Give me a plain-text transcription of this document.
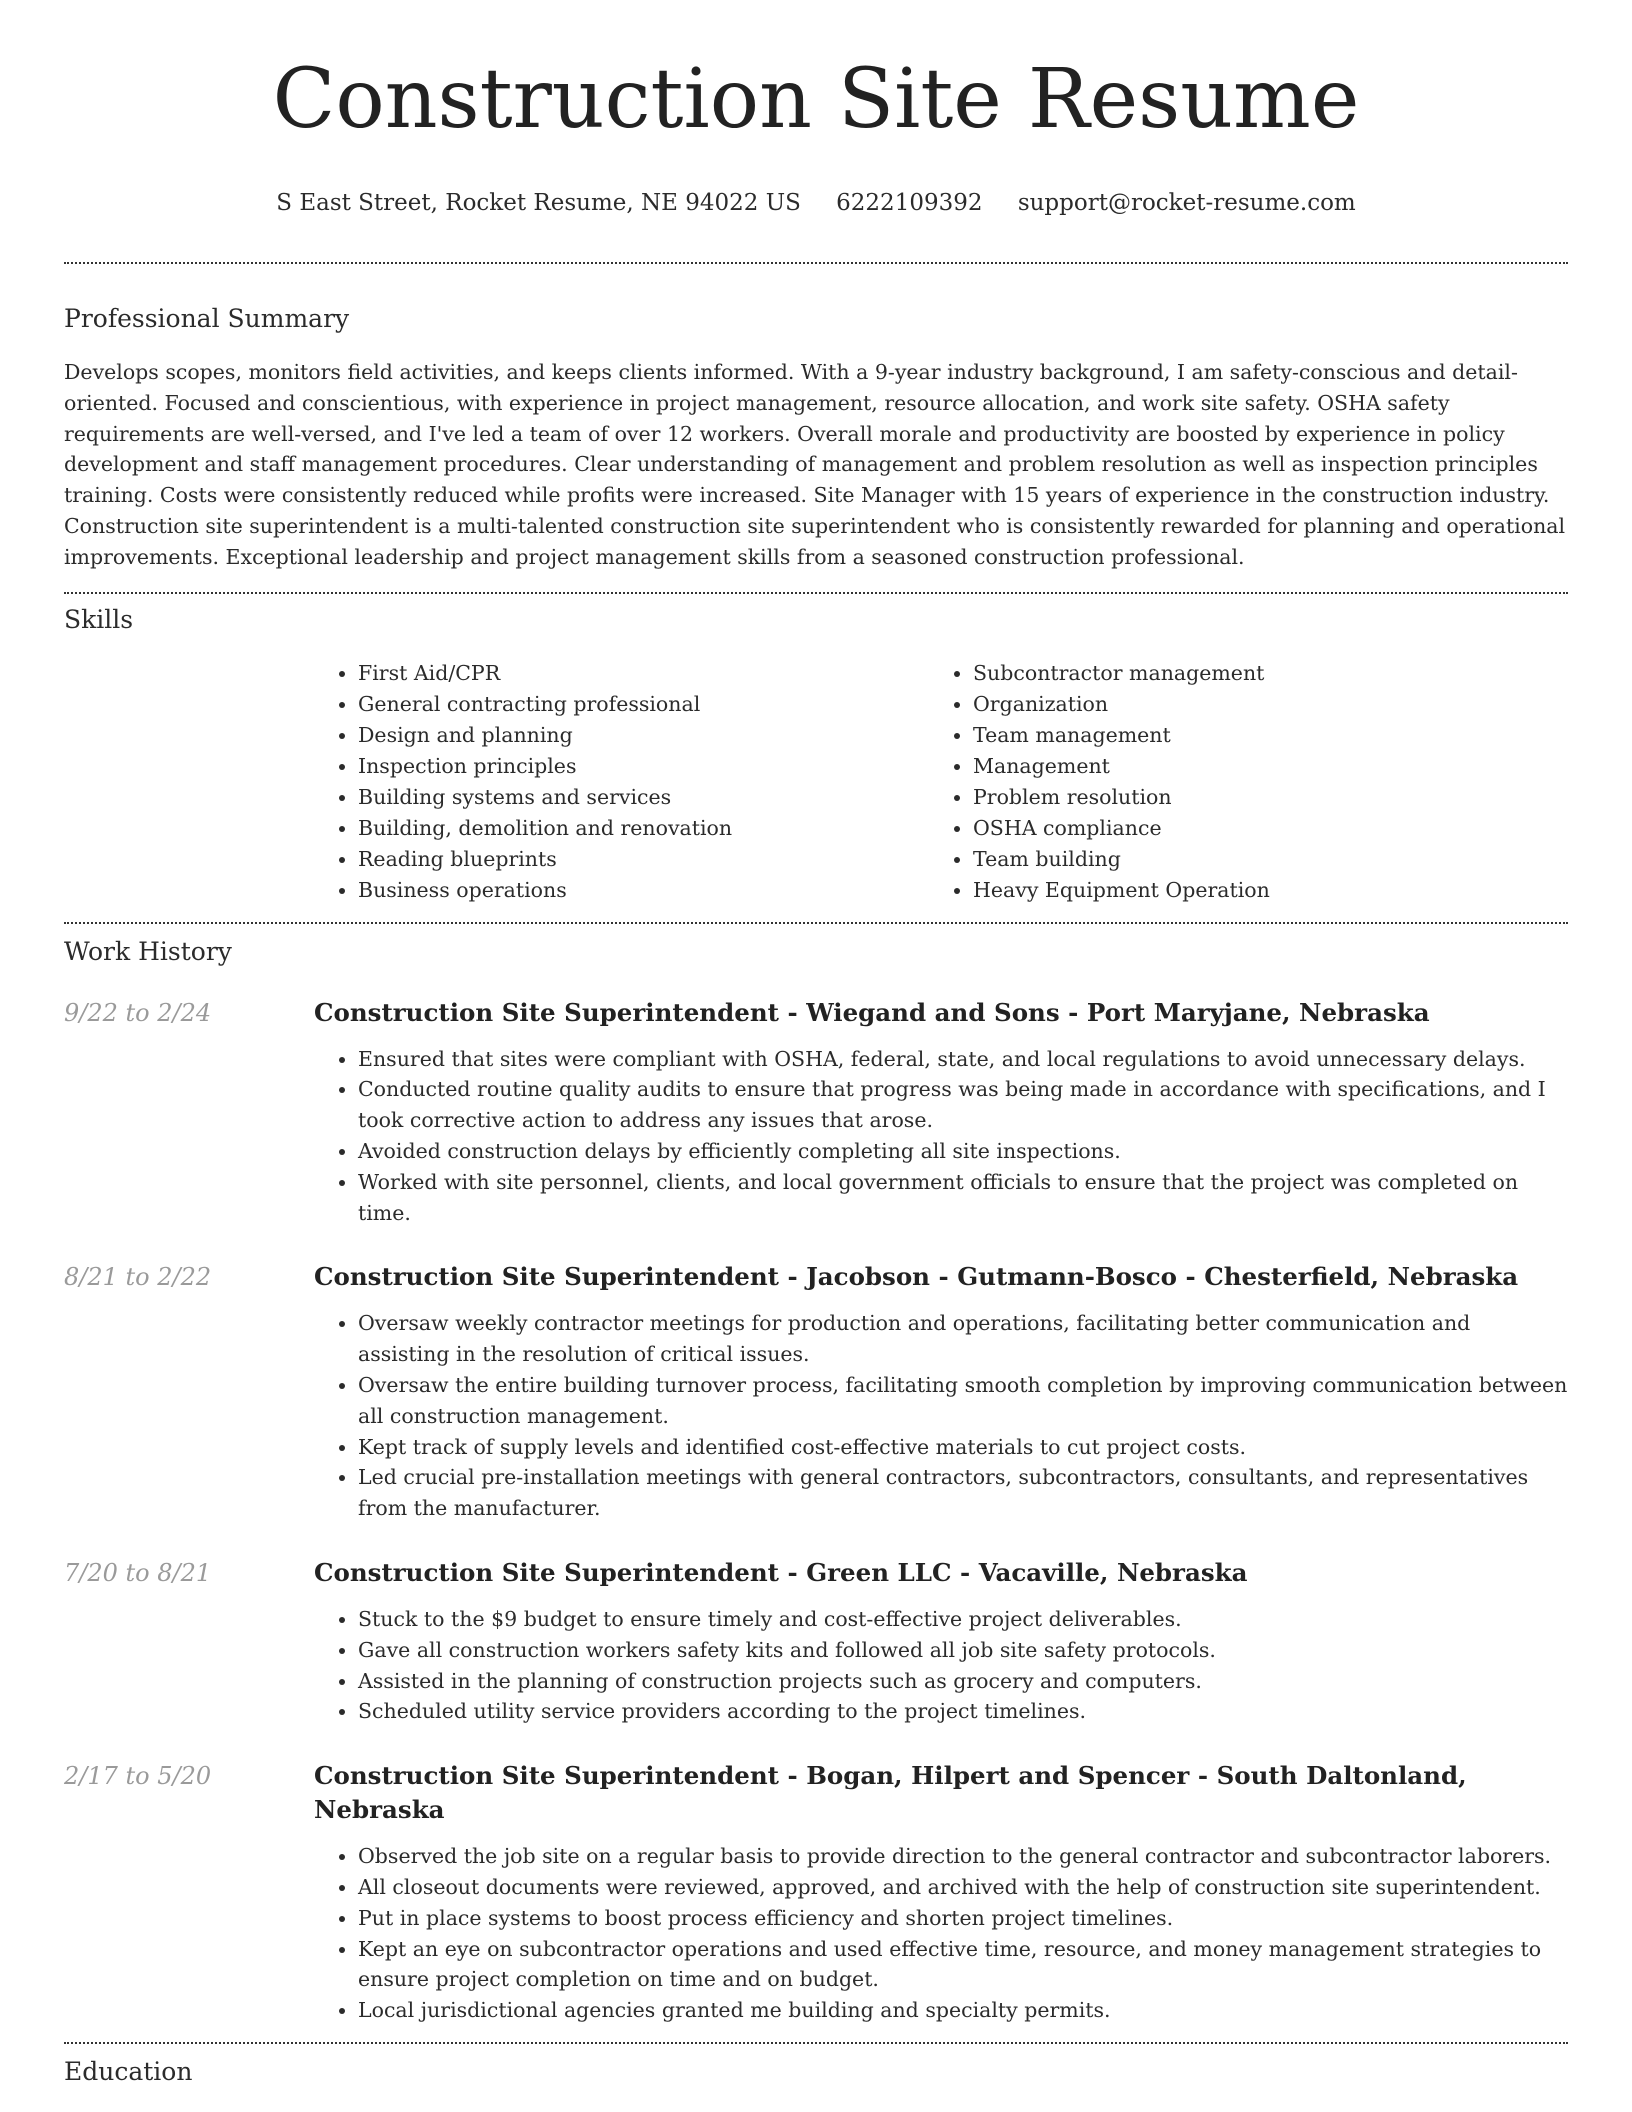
Construction Site Resume
S East Street, Rocket Resume, NE 94022 US 6222109392 support@rocket-resume.com
Professional Summary

Develops scopes, monitors field activities, and keeps clients informed. With a 9-year industry background, I am safety-conscious and detail-oriented. Focused and conscientious, with experience in project management, resource allocation, and work site safety. OSHA safety requirements are well-versed, and I've led a team of over 12 workers. Overall morale and productivity are boosted by experience in policy development and staff management procedures. Clear understanding of management and problem resolution as well as inspection principles training. Costs were consistently reduced while profits were increased. Site Manager with 15 years of experience in the construction industry. Construction site superintendent is a multi-talented construction site superintendent who is consistently rewarded for planning and operational improvements. Exceptional leadership and project management skills from a seasoned construction professional.

Skills
• First Aid/CPR
• General contracting professional
• Design and planning
• Inspection principles
• Building systems and services
• Building, demolition and renovation
• Reading blueprints
• Business operations
• Subcontractor management
• Organization
• Team management
• Management
• Problem resolution
• OSHA compliance
• Team building
• Heavy Equipment Operation
Work History
9/22 to 2/24	Construction Site Superintendent - Wiegand and Sons - Port Maryjane, Nebraska
• Ensured that sites were compliant with OSHA, federal, state, and local regulations to avoid unnecessary delays.
• Conducted routine quality audits to ensure that progress was being made in accordance with specifications, and I took corrective action to address any issues that arose.
• Avoided construction delays by efficiently completing all site inspections.
• Worked with site personnel, clients, and local government officials to ensure that the project was completed on time.
8/21 to 2/22	Construction Site Superintendent - Jacobson - Gutmann-Bosco - Chesterfield, Nebraska
• Oversaw weekly contractor meetings for production and operations, facilitating better communication and assisting in the resolution of critical issues.
• Oversaw the entire building turnover process, facilitating smooth completion by improving communication between all construction management.
• Kept track of supply levels and identified cost-effective materials to cut project costs.
• Led crucial pre-installation meetings with general contractors, subcontractors, consultants, and representatives from the manufacturer.
7/20 to 8/21	Construction Site Superintendent - Green LLC - Vacaville, Nebraska
• Stuck to the $9 budget to ensure timely and cost-effective project deliverables.
• Gave all construction workers safety kits and followed all job site safety protocols.
• Assisted in the planning of construction projects such as grocery and computers.
• Scheduled utility service providers according to the project timelines.
2/17 to 5/20	Construction Site Superintendent - Bogan, Hilpert and Spencer - South Daltonland, Nebraska
• Observed the job site on a regular basis to provide direction to the general contractor and subcontractor laborers.
• All closeout documents were reviewed, approved, and archived with the help of construction site superintendent.
• Put in place systems to boost process efficiency and shorten project timelines.
• Kept an eye on subcontractor operations and used effective time, resource, and money management strategies to ensure project completion on time and on budget.
• Local jurisdictional agencies granted me building and specialty permits.
Education
